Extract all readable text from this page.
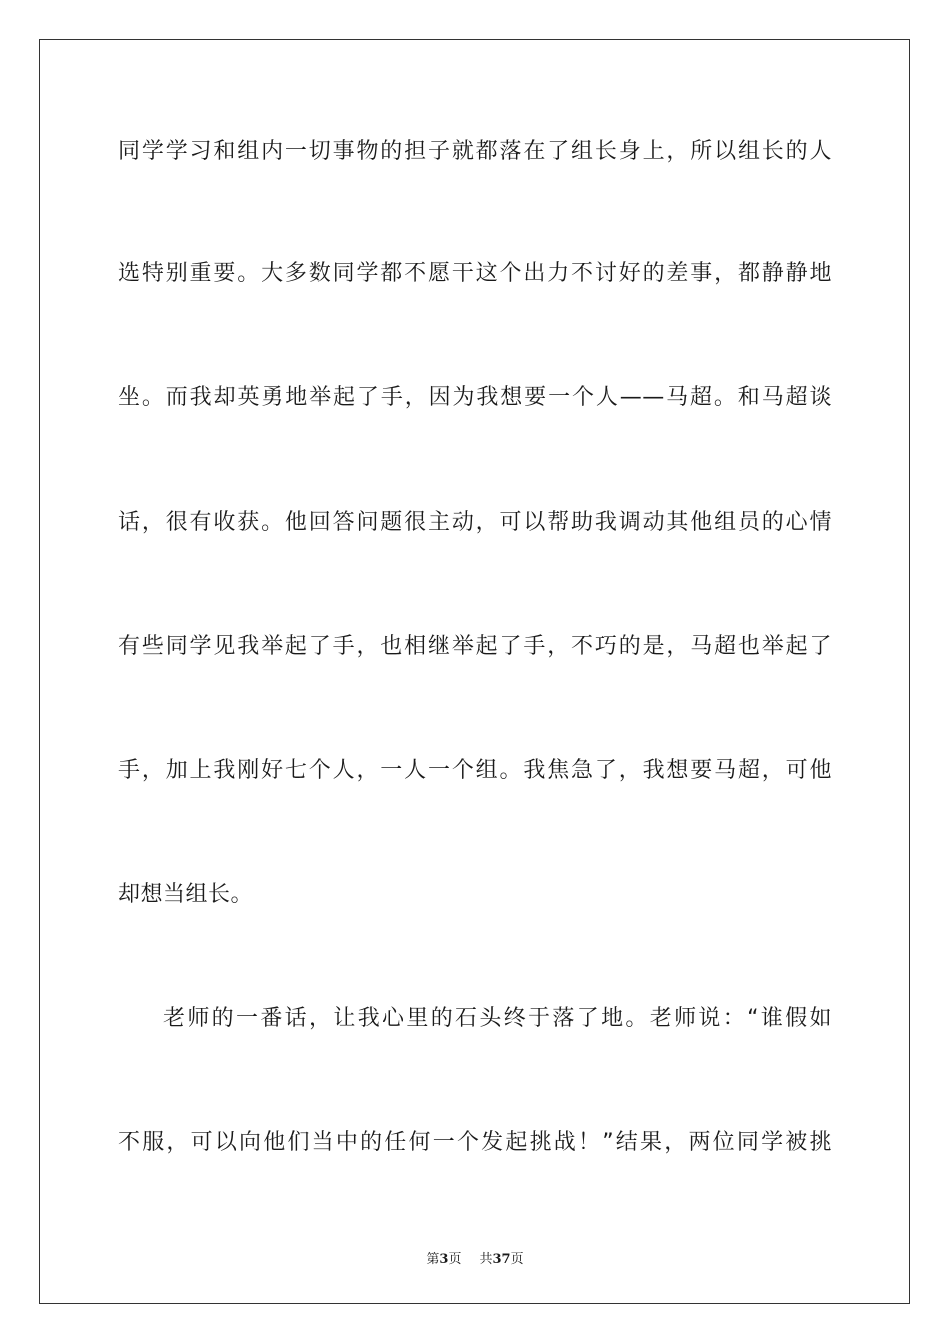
同学学习和组内一切事物的担子就都落在了组长身上，所以组长的人
选特别重要。大多数同学都不愿干这个出力不讨好的差事，都静静地
坐。而我却英勇地举起了手，因为我想要一个人——马超。和马超谈
话，很有收获。他回答问题很主动，可以帮助我调动其他组员的心情
有些同学见我举起了手，也相继举起了手，不巧的是，马超也举起了
手，加上我刚好七个人，一人一个组。我焦急了，我想要马超，可他
却想当组长。
老师的一番话，让我心里的石头终于落了地。老师说：“谁假如
不服，可以向他们当中的任何一个发起挑战！”结果，两位同学被挑
第3页 共37页
